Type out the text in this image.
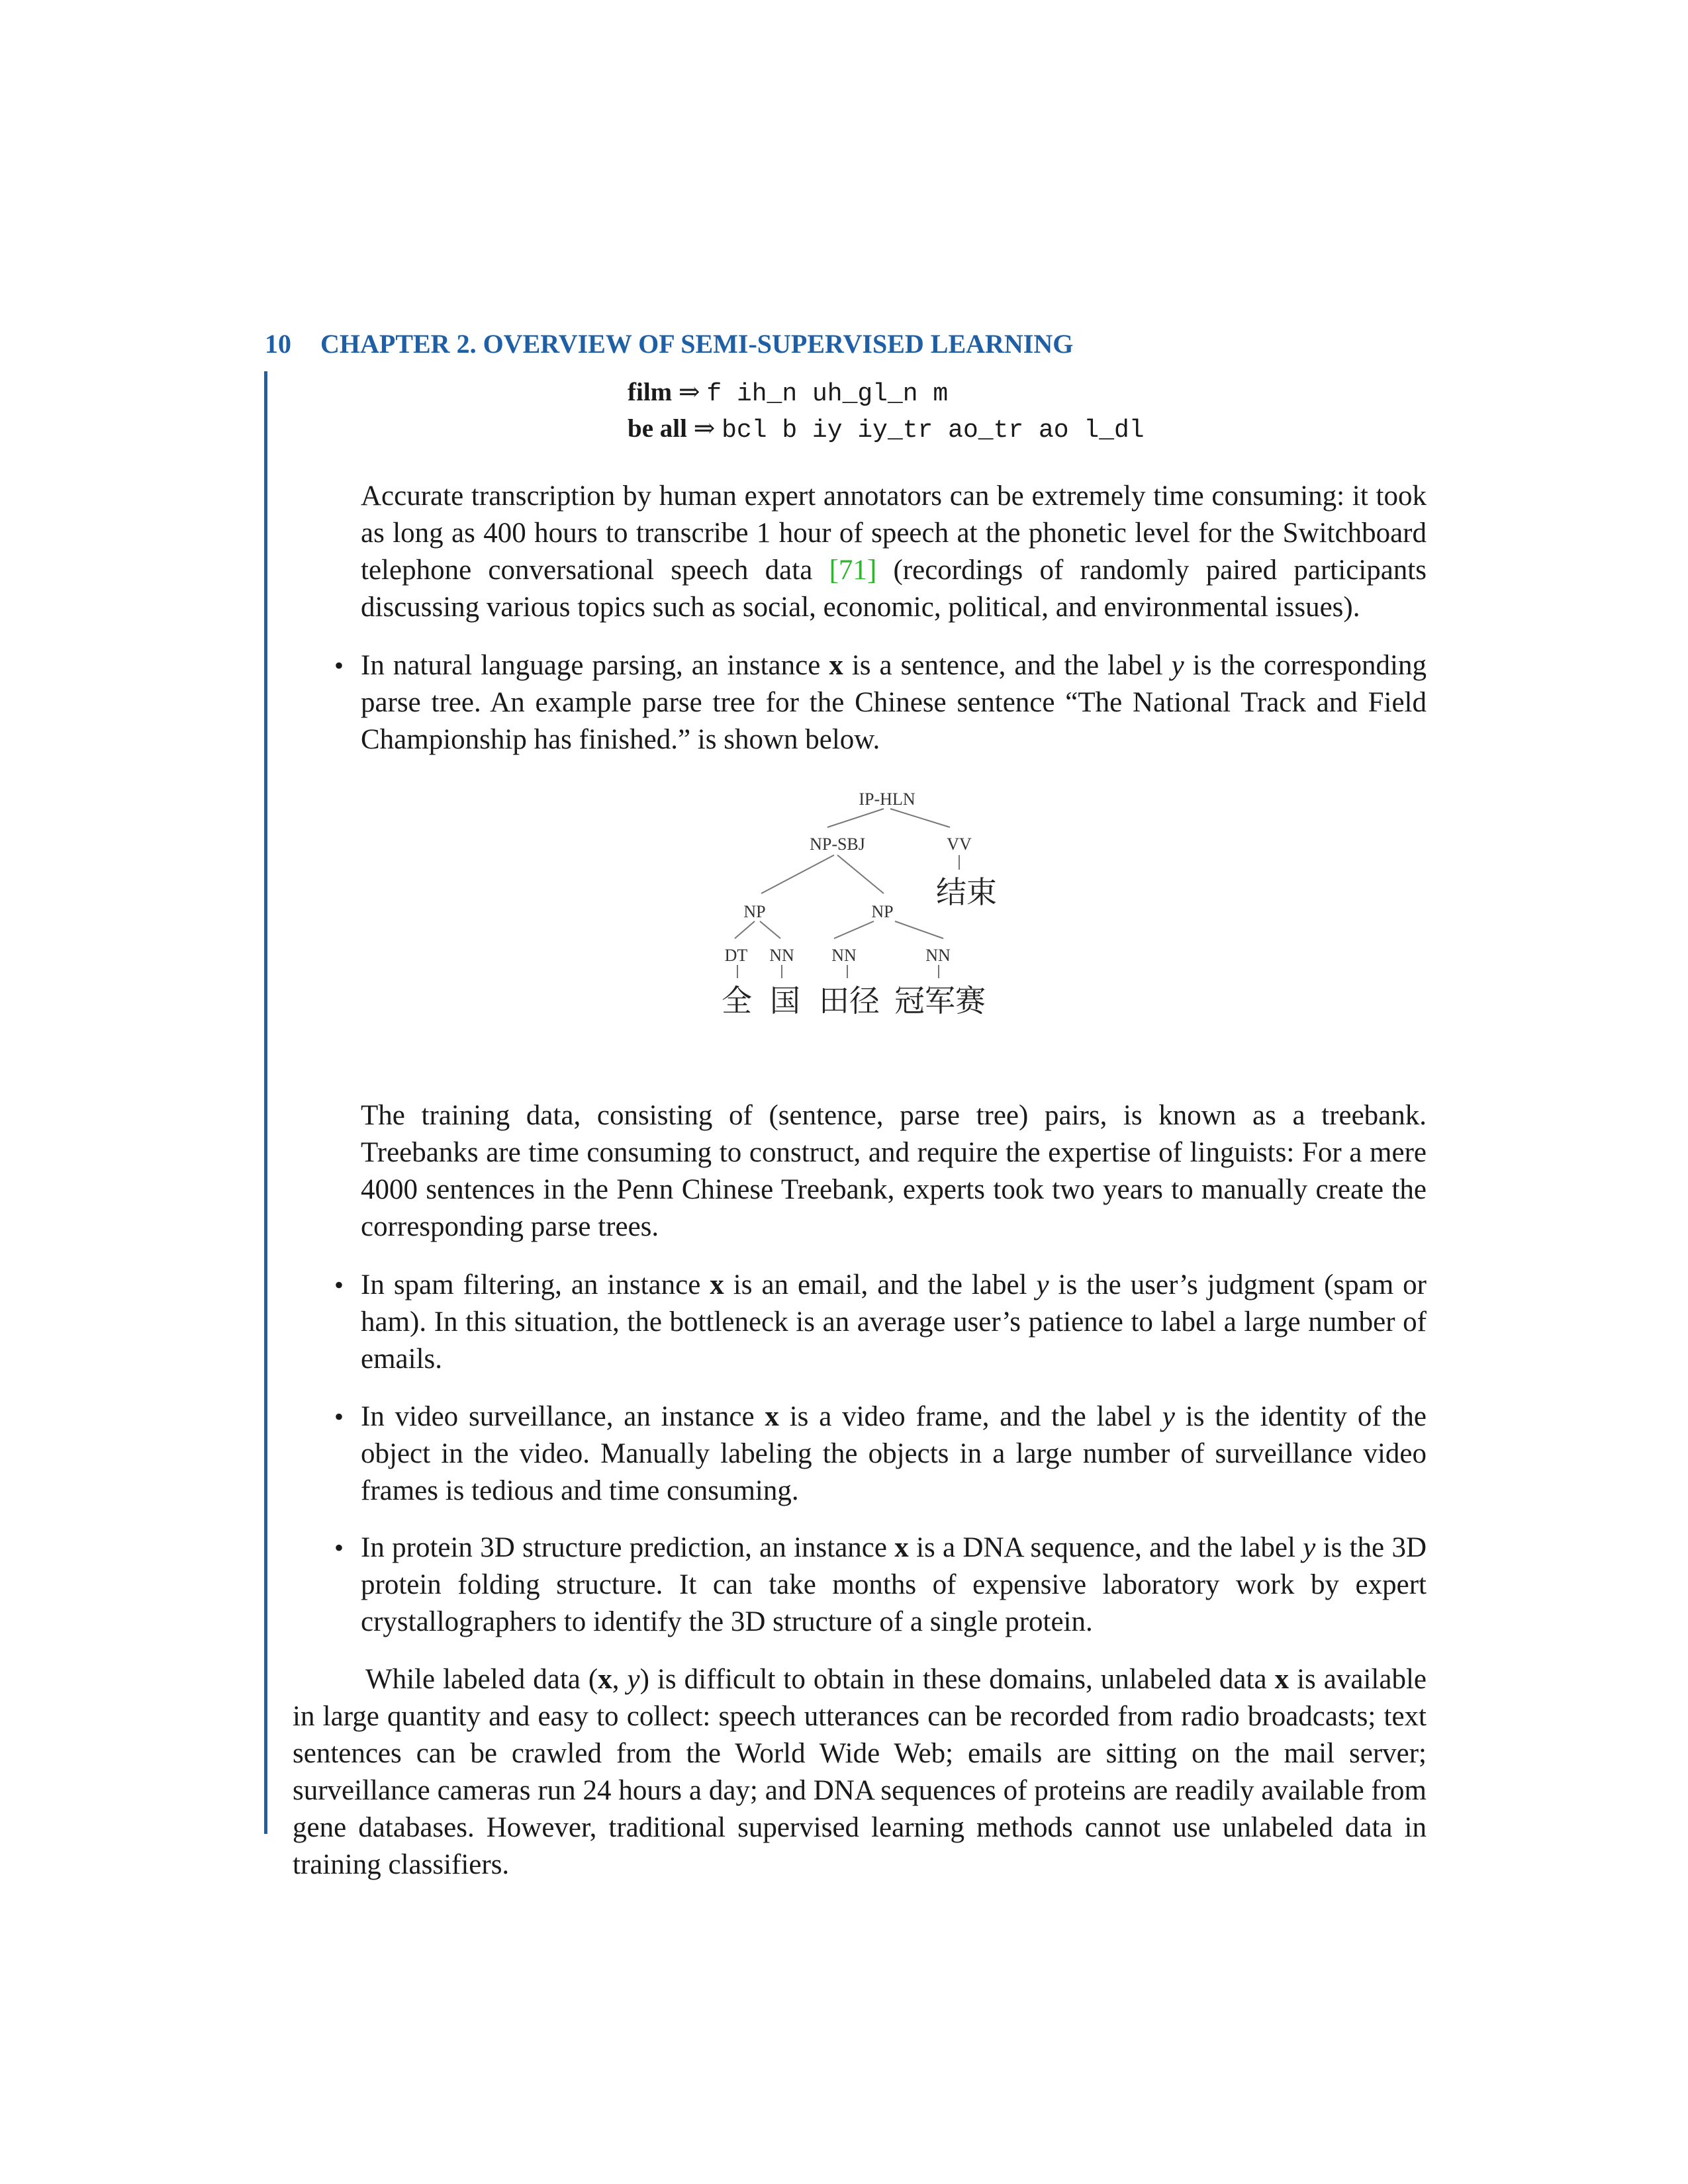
10 CHAPTER 2. OVERVIEW OF SEMI-SUPERVISED LEARNING
film ⇒ f ih_n uh_gl_n m
be all ⇒ bcl b iy iy_tr ao_tr ao l_dl
Accurate transcription by human expert annotators can be extremely time consuming: it took as long as 400 hours to transcribe 1 hour of speech at the phonetic level for the Switchboard telephone conversational speech data [71] (recordings of randomly paired participants discussing various topics such as social, economic, political, and environmental issues).
• In natural language parsing, an instance x is a sentence, and the label y is the corresponding parse tree. An example parse tree for the Chinese sentence “The National Track and Field Championship has finished.” is shown below.
IP-HLN
NP-SBJ	VV
NP	NP
结束
DT NN NN	NN
全 国 田径 冠军赛
The training data, consisting of (sentence, parse tree) pairs, is known as a treebank. Treebanks are time consuming to construct, and require the expertise of linguists: For a mere 4000 sentences in the Penn Chinese Treebank, experts took two years to manually create the corresponding parse trees.
• In spam filtering, an instance x is an email, and the label y is the user’s judgment (spam or ham). In this situation, the bottleneck is an average user’s patience to label a large number of emails.
• In video surveillance, an instance x is a video frame, and the label y is the identity of the object in the video. Manually labeling the objects in a large number of surveillance video frames is tedious and time consuming.
• In protein 3D structure prediction, an instance x is a DNA sequence, and the label y is the 3D protein folding structure. It can take months of expensive laboratory work by expert crystallographers to identify the 3D structure of a single protein.
While labeled data (x, y) is difficult to obtain in these domains, unlabeled data x is available in large quantity and easy to collect: speech utterances can be recorded from radio broadcasts; text sentences can be crawled from the World Wide Web; emails are sitting on the mail server; surveillance cameras run 24 hours a day; and DNA sequences of proteins are readily available from gene databases. However, traditional supervised learning methods cannot use unlabeled data in training classifiers.
